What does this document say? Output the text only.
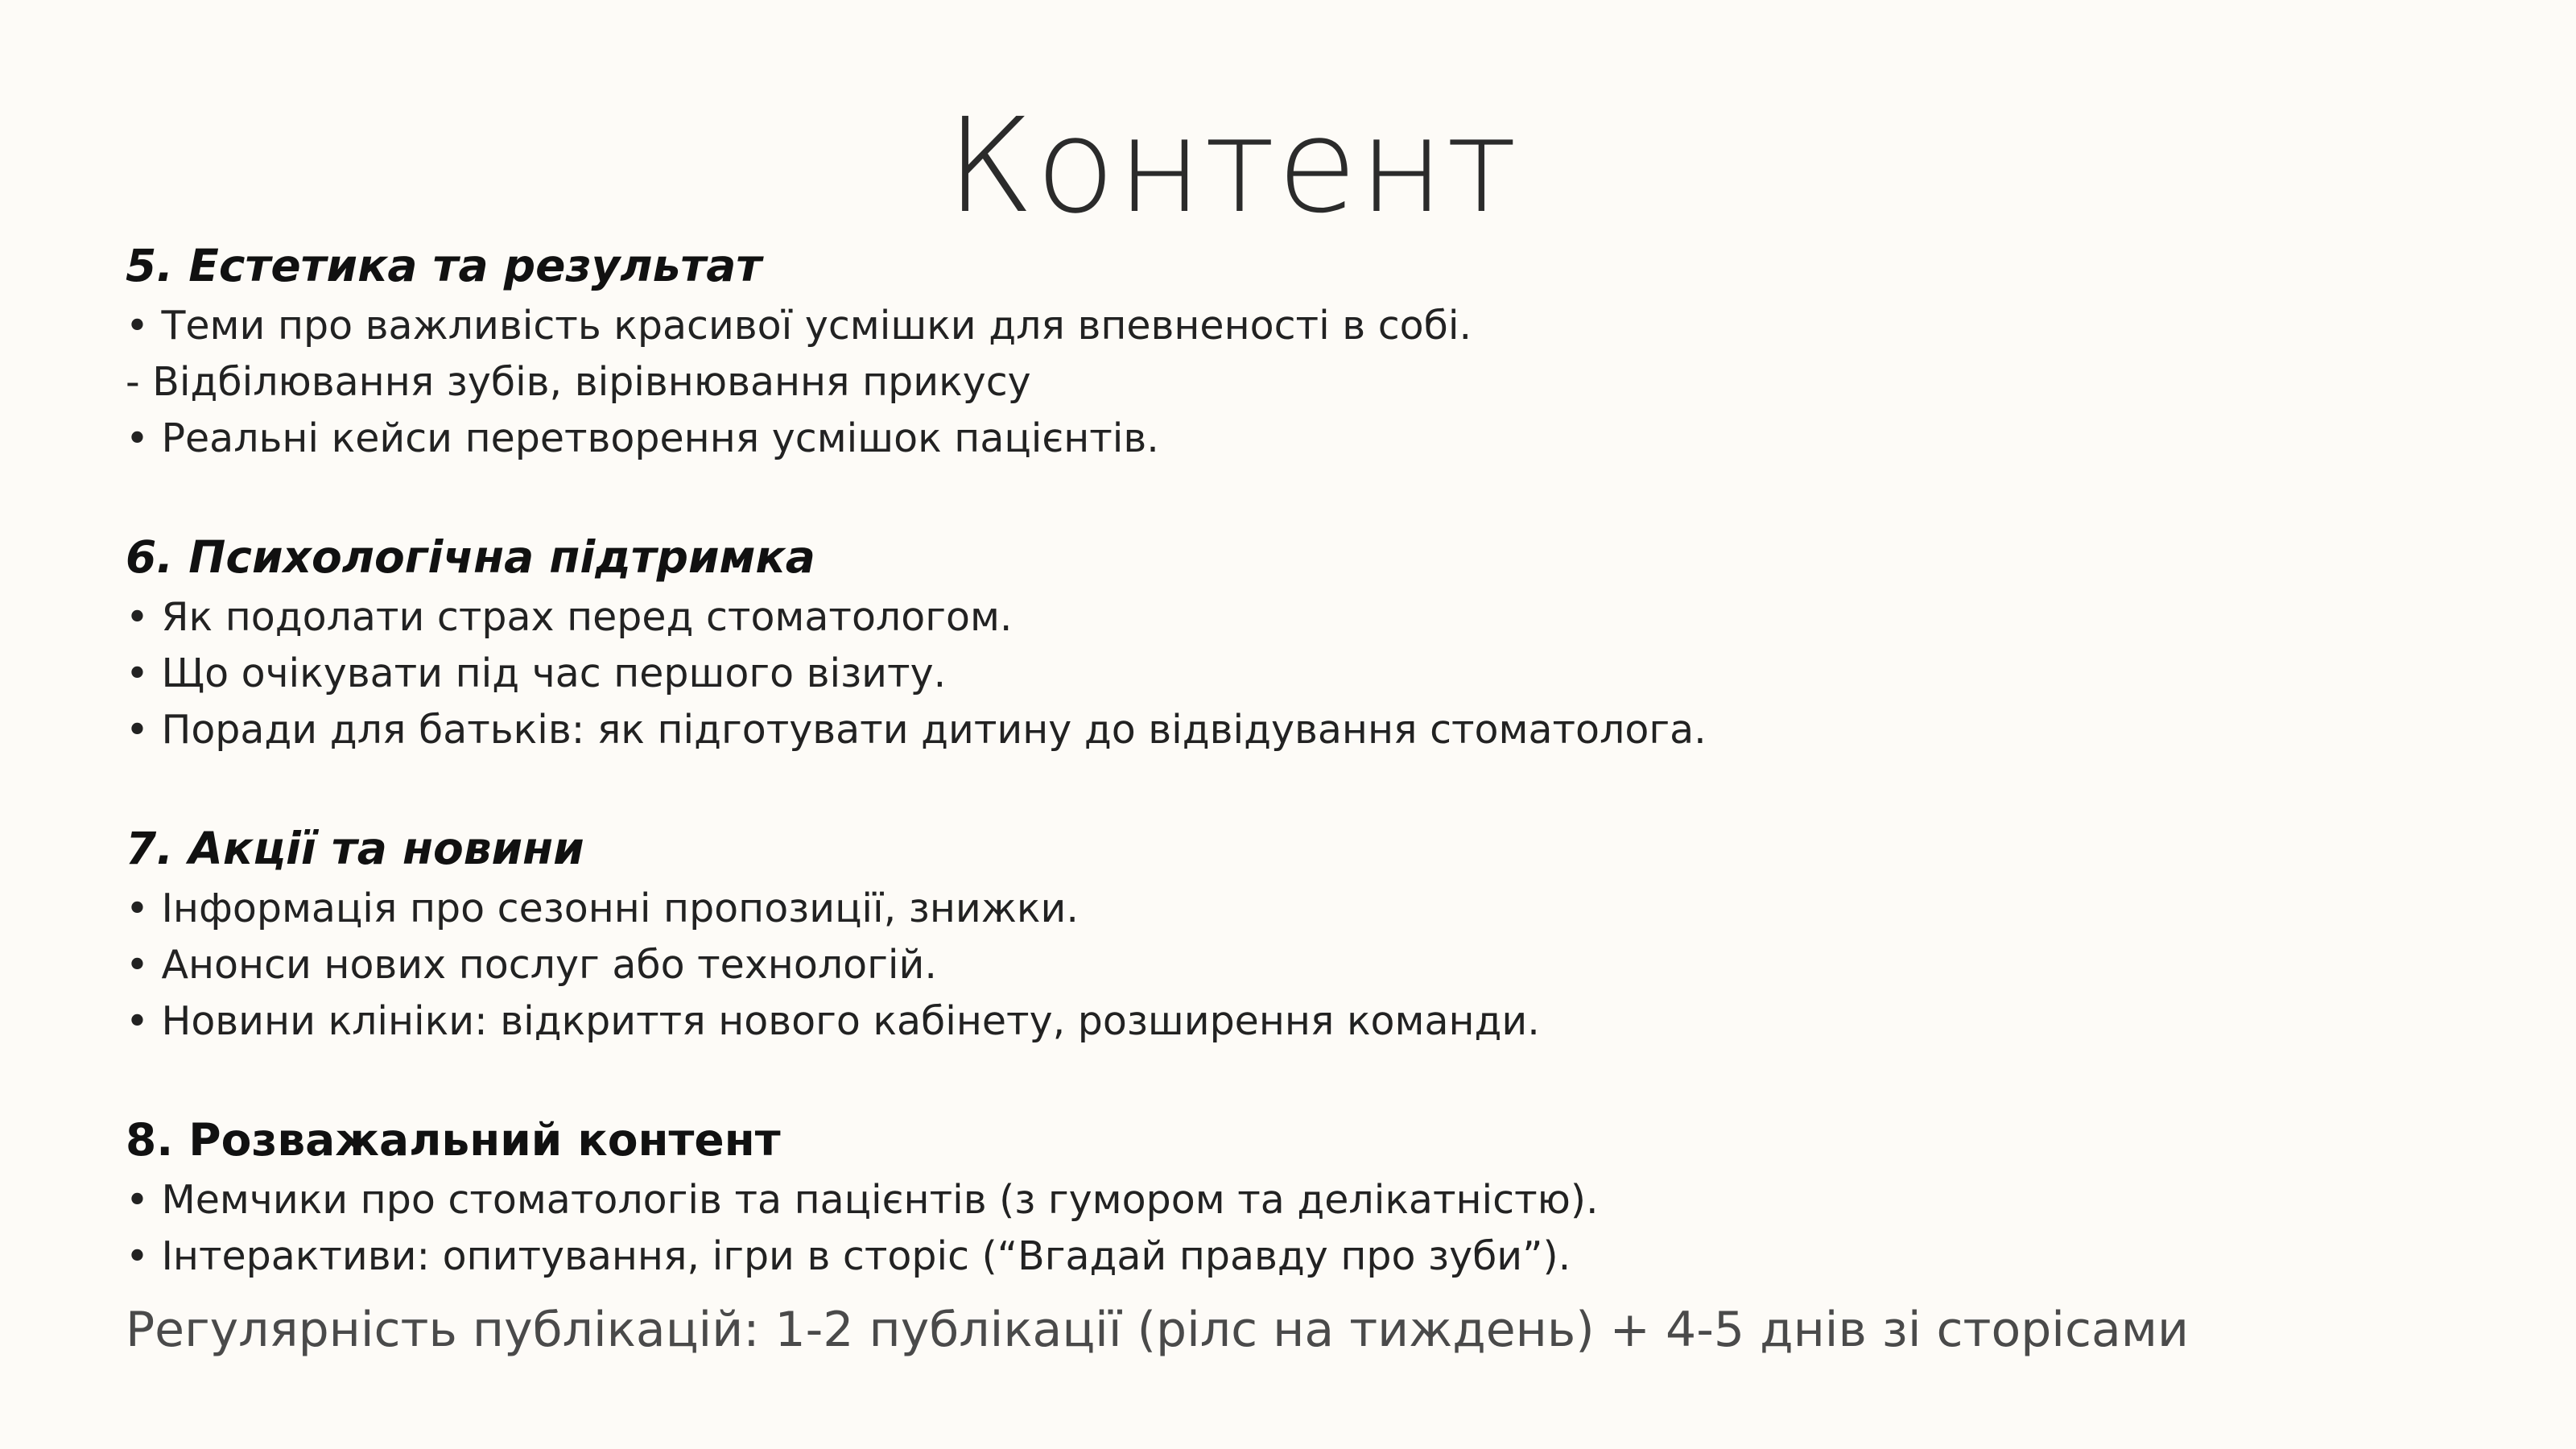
Контент
5. Естетика та результат
• Теми про важливість красивої усмішки для впевненості в собі.
- Відбілювання зубів, вірівнювання прикусу
• Реальні кейси перетворення усмішок пацієнтів.
6. Психологічна підтримка
• Як подолати страх перед стоматологом.
• Що очікувати під час першого візиту.
• Поради для батьків: як підготувати дитину до відвідування стоматолога.
7. Акції та новини
• Інформація про сезонні пропозиції, знижки.
• Анонси нових послуг або технологій.
• Новини клініки: відкриття нового кабінету, розширення команди.
8. Розважальний контент
• Мемчики про стоматологів та пацієнтів (з гумором та делікатністю).
• Інтерактиви: опитування, ігри в сторіс (“Вгадай правду про зуби”).
Регулярність публікацій: 1-2 публікації (рілс на тиждень) + 4-5 днів зі сторісами
